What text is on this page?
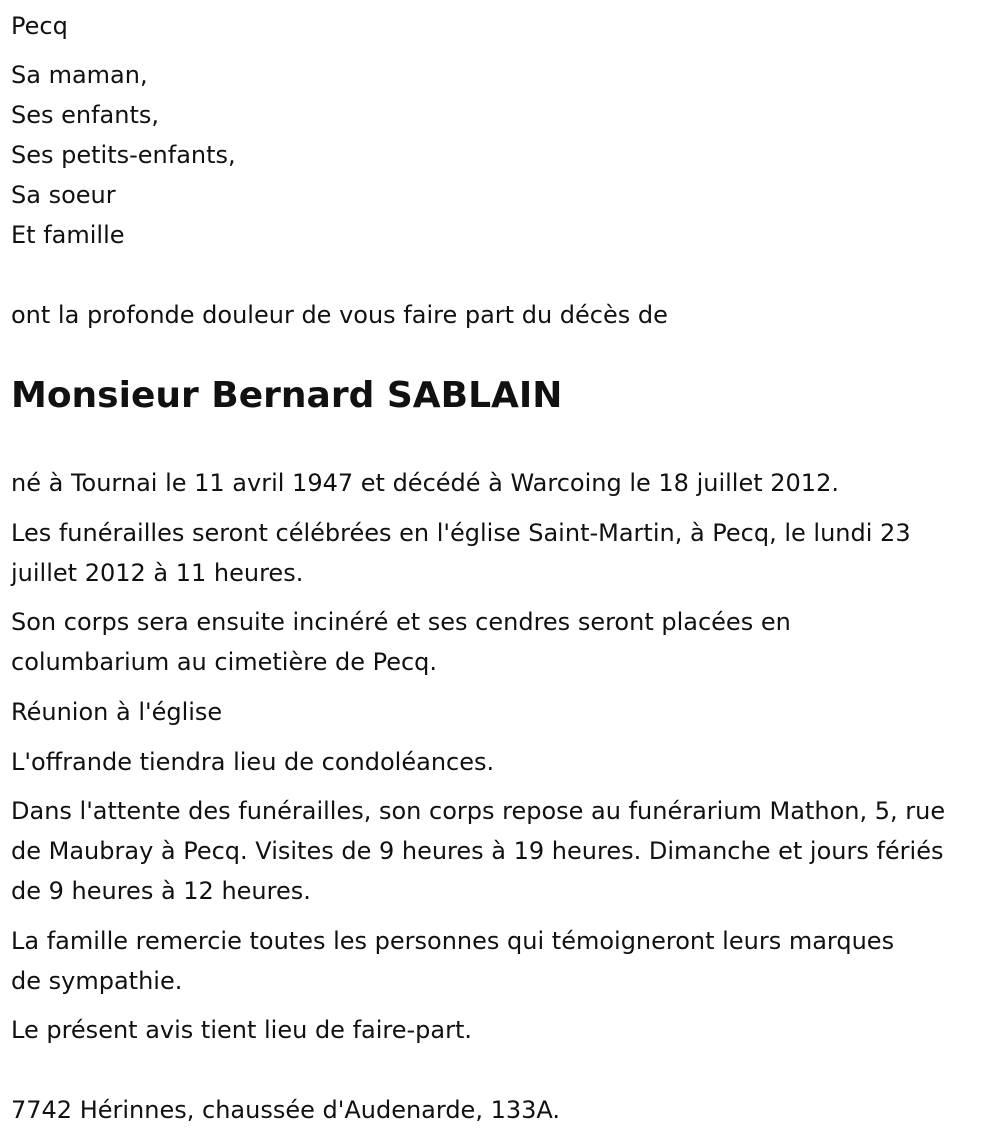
Pecq
Sa maman,
Ses enfants,
Ses petits-enfants,
Sa soeur
Et famille
ont la profonde douleur de vous faire part du décès de
Monsieur Bernard SABLAIN
né à Tournai le 11 avril 1947 et décédé à Warcoing le 18 juillet 2012.
Les funérailles seront célébrées en l'église Saint-Martin, à Pecq, le lundi 23 juillet 2012 à 11 heures.
Son corps sera ensuite incinéré et ses cendres seront placées en columbarium au cimetière de Pecq.
Réunion à l'église
L'offrande tiendra lieu de condoléances.
Dans l'attente des funérailles, son corps repose au funérarium Mathon, 5, rue de Maubray à Pecq. Visites de 9 heures à 19 heures. Dimanche et jours fériés de 9 heures à 12 heures.
La famille remercie toutes les personnes qui témoigneront leurs marques de sympathie.
Le présent avis tient lieu de faire-part.
7742 Hérinnes, chaussée d'Audenarde, 133A.
